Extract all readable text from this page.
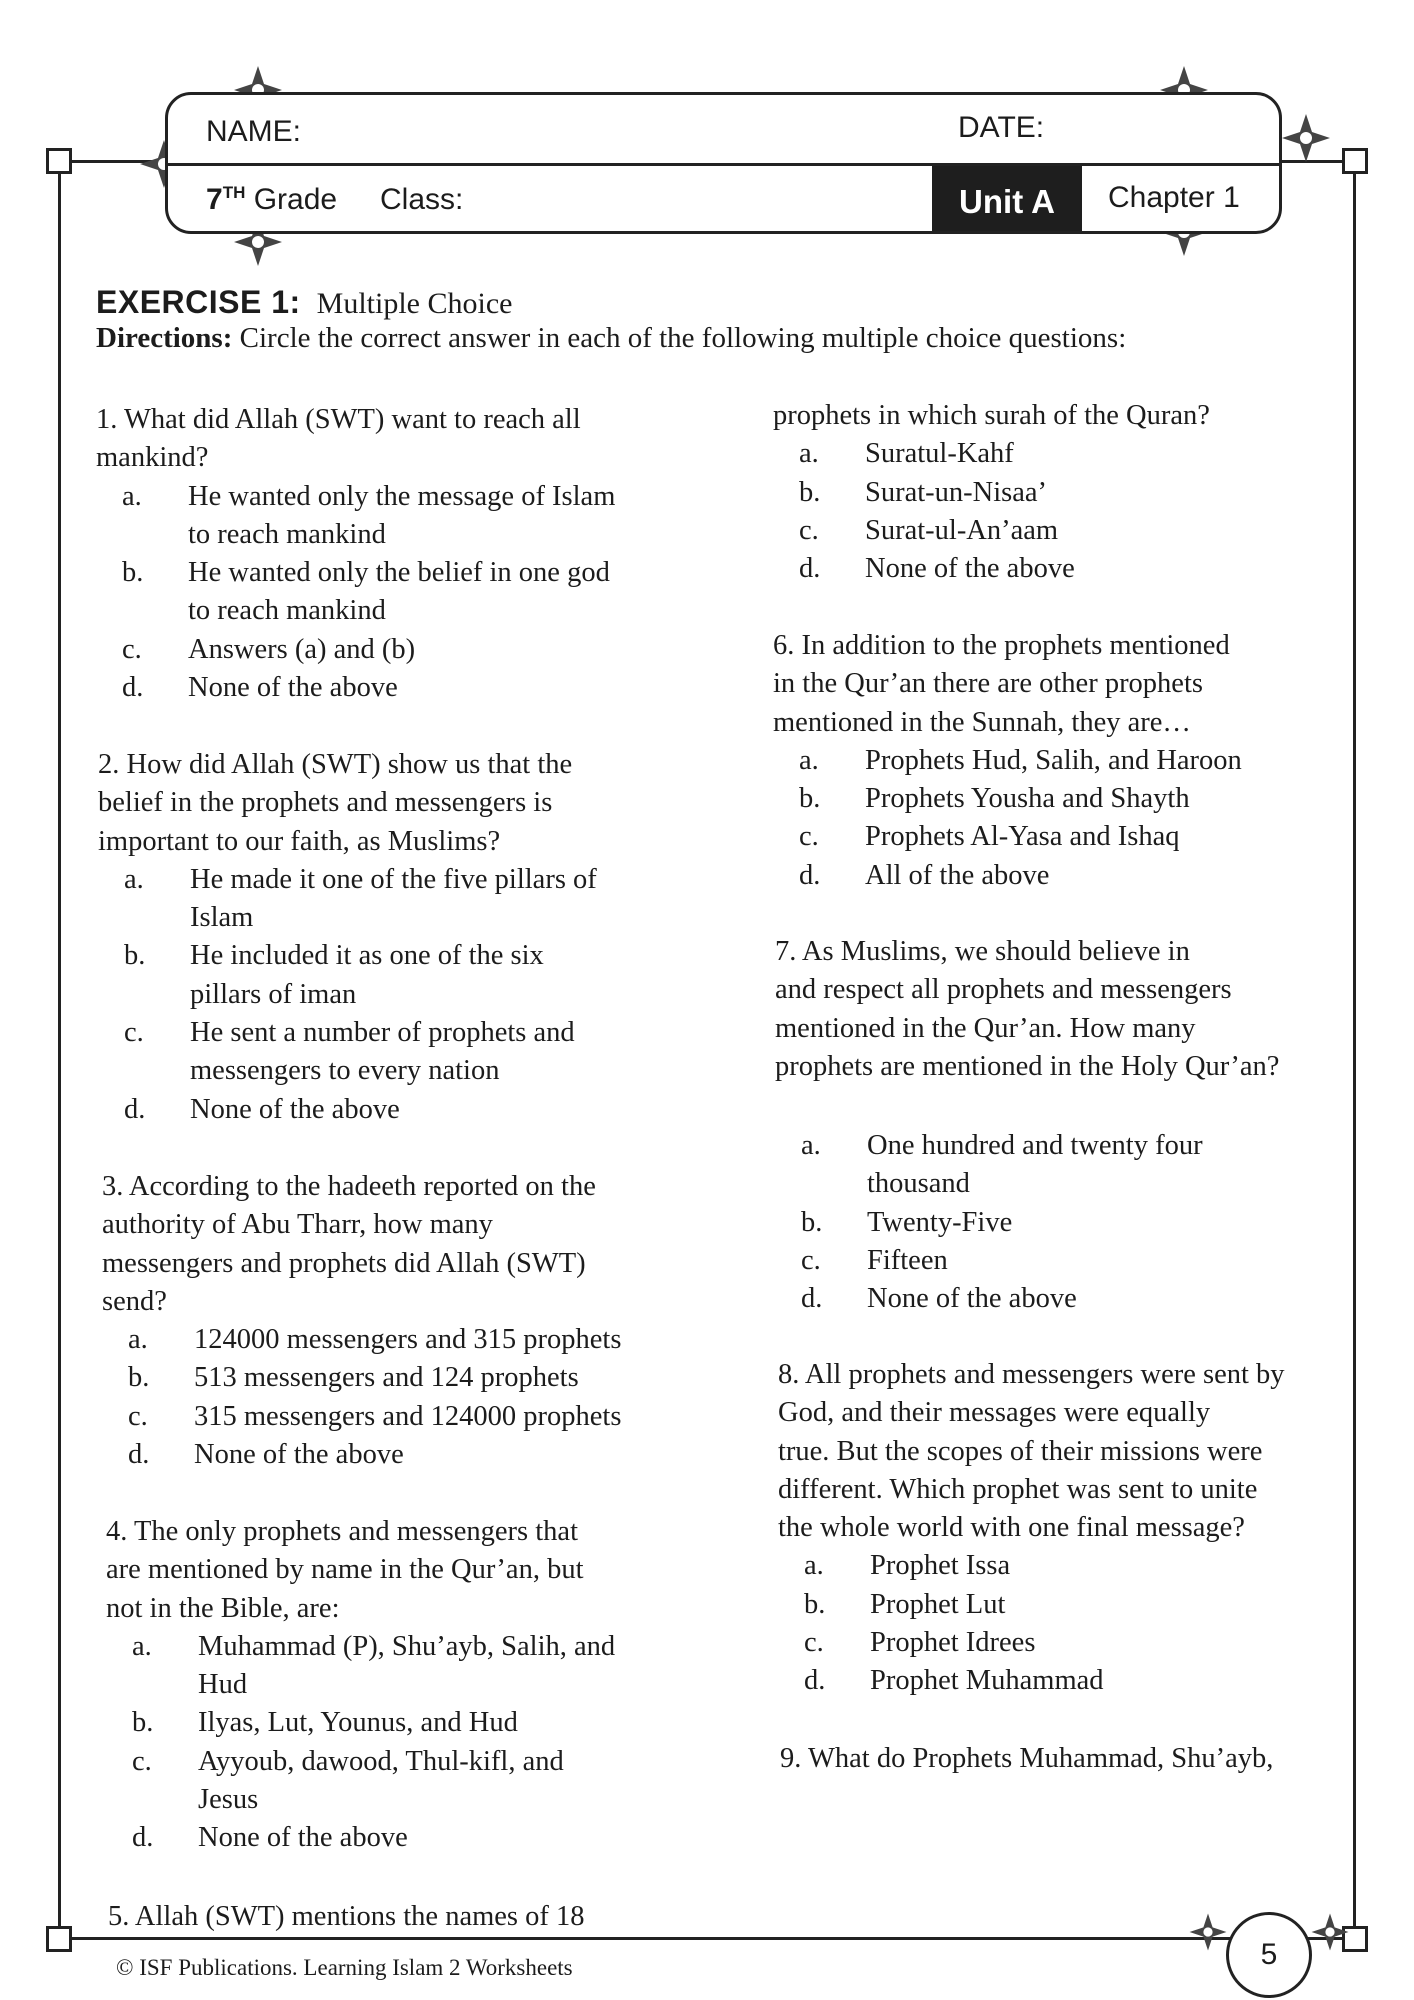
NAME:	DATE:
7TH Grade Class:	Unit A	Chapter 1
EXERCISE 1: Multiple Choice
Directions: Circle the correct answer in each of the following multiple choice questions:
1. What did Allah (SWT) want to reach all
mankind?
a.	He wanted only the message of Islam
to reach mankind
b.	He wanted only the belief in one god
to reach mankind
c.	Answers (a) and (b)
d.	None of the above
2. How did Allah (SWT) show us that the
belief in the prophets and messengers is
important to our faith, as Muslims?
a.	He made it one of the five pillars of
Islam
b.	He included it as one of the six
pillars of iman
c.	He sent a number of prophets and
messengers to every nation
d.	None of the above
3. According to the hadeeth reported on the
authority of Abu Tharr, how many
messengers and prophets did Allah (SWT)
send?
a.	124000 messengers and 315 prophets
b.	513 messengers and 124 prophets
c.	315 messengers and 124000 prophets
d.	None of the above
4. The only prophets and messengers that
are mentioned by name in the Qur’an, but
not in the Bible, are:
a.	Muhammad (P), Shu’ayb, Salih, and
Hud
b.	Ilyas, Lut, Younus, and Hud
c.	Ayyoub, dawood, Thul-kifl, and
Jesus
d.	None of the above
5. Allah (SWT) mentions the names of 18
prophets in which surah of the Quran?
a.	Suratul-Kahf
b.	Surat-un-Nisaa’
c.	Surat-ul-An’aam
d.	None of the above
6. In addition to the prophets mentioned
in the Qur’an there are other prophets
mentioned in the Sunnah, they are…
a.	Prophets Hud, Salih, and Haroon
b.	Prophets Yousha and Shayth
c.	Prophets Al-Yasa and Ishaq
d.	All of the above
7. As Muslims, we should believe in
and respect all prophets and messengers
mentioned in the Qur’an. How many
prophets are mentioned in the Holy Qur’an?
a.	One hundred and twenty four
thousand
b.	Twenty-Five
c.	Fifteen
d.	None of the above
8. All prophets and messengers were sent by
God, and their messages were equally
true. But the scopes of their missions were
different. Which prophet was sent to unite
the whole world with one final message?
a.	Prophet Issa
b.	Prophet Lut
c.	Prophet Idrees
d.	Prophet Muhammad
9. What do Prophets Muhammad, Shu’ayb,
© ISF Publications. Learning Islam 2 Worksheets	5
